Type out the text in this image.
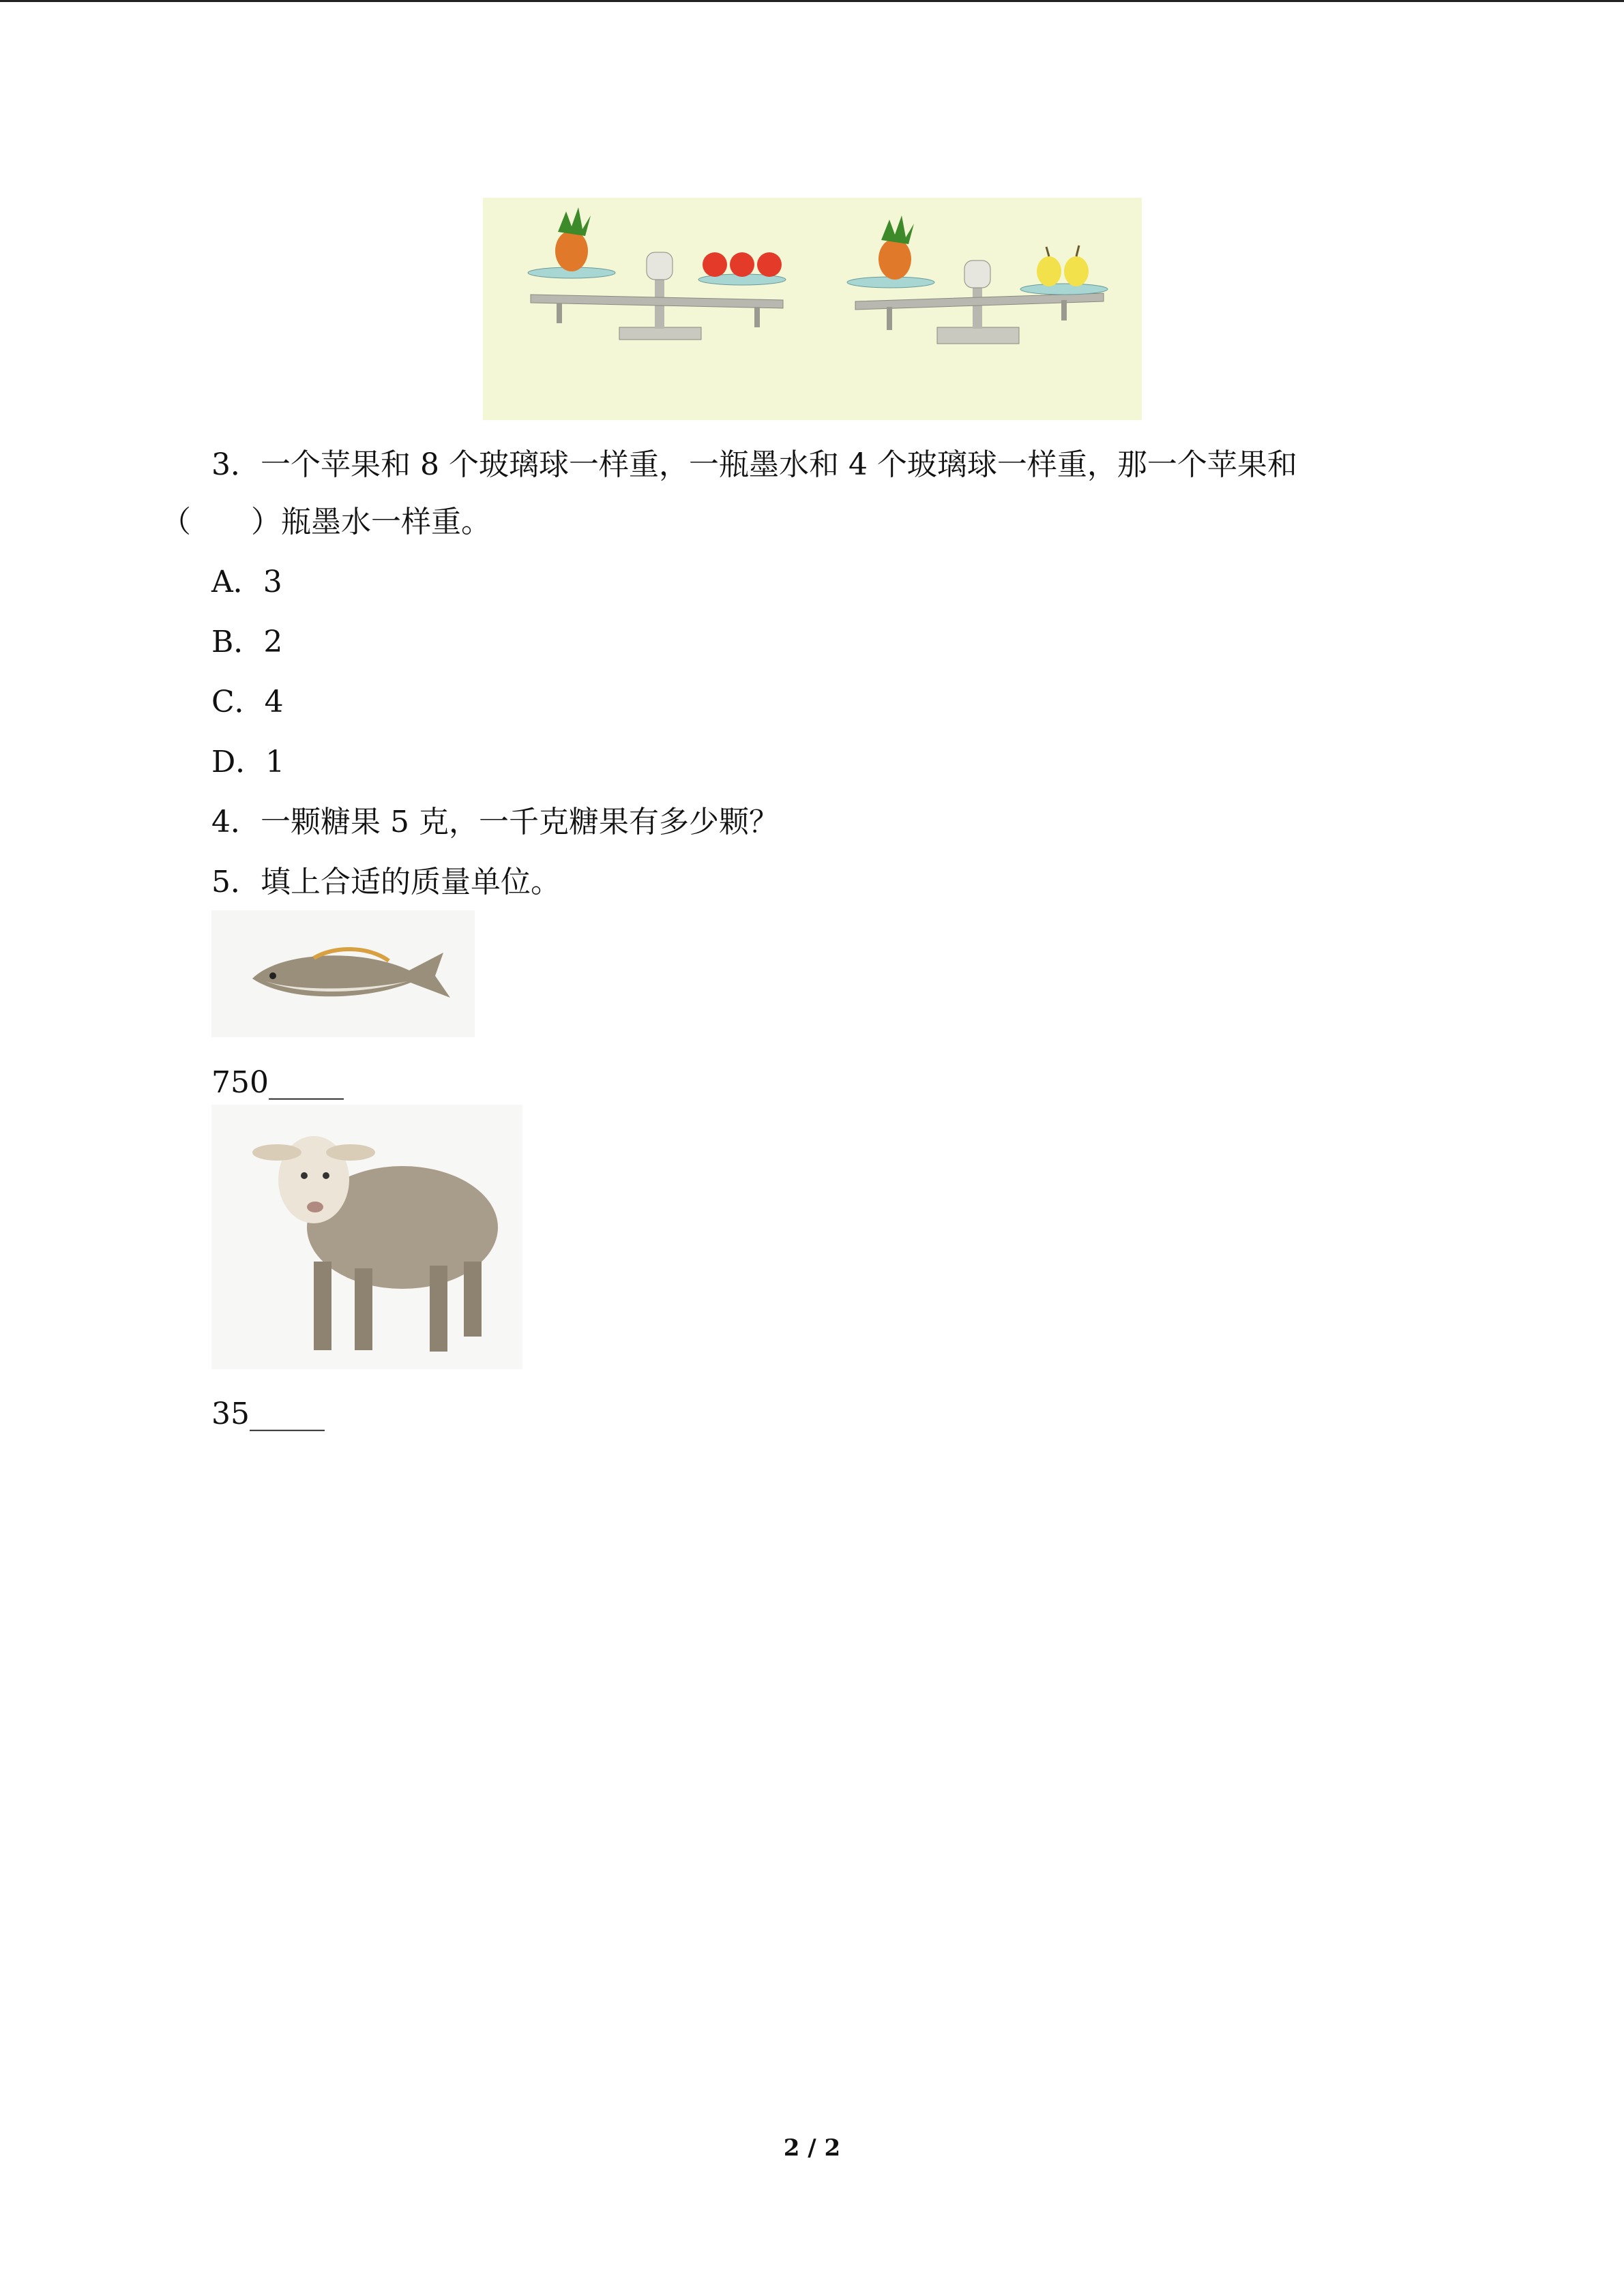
3．一个苹果和 8 个玻璃球一样重，一瓶墨水和 4 个玻璃球一样重，那一个苹果和
（　　）瓶墨水一样重。
A．3
B．2
C．4
D．1
4．一颗糖果 5 克，一千克糖果有多少颗？
5．填上合适的质量单位。
750_____
35_____
2 / 2
